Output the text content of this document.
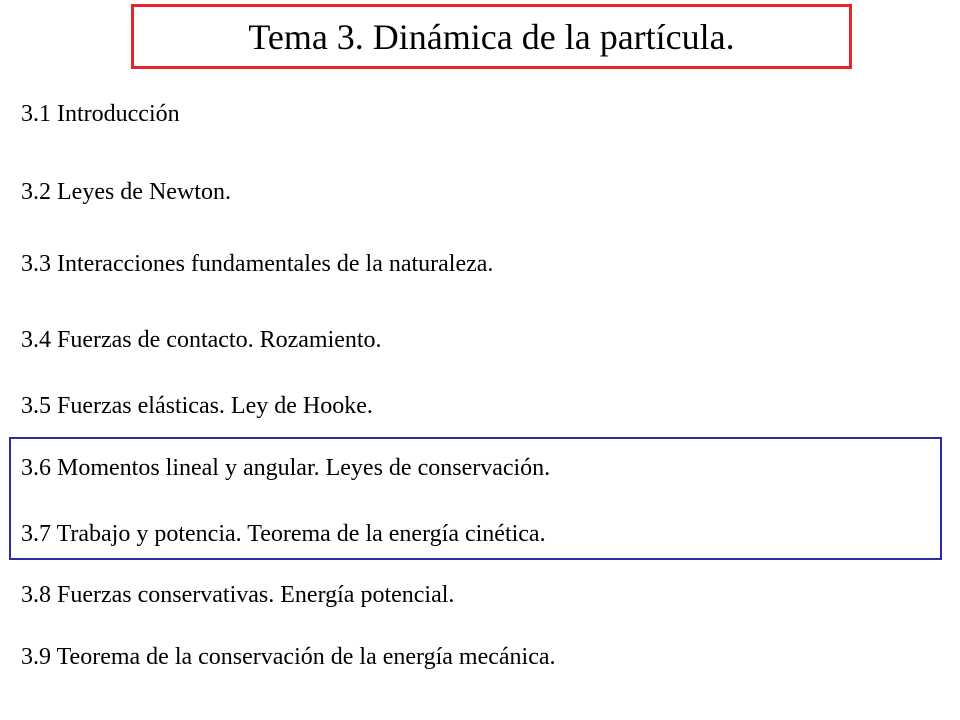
Tema 3. Dinámica de la partícula.
3.1 Introducción
3.2 Leyes de Newton.
3.3 Interacciones fundamentales de la naturaleza.
3.4 Fuerzas de contacto. Rozamiento.
3.5 Fuerzas elásticas. Ley de Hooke.
3.6 Momentos lineal y angular. Leyes de conservación.
3.7 Trabajo y potencia. Teorema de la energía cinética.
3.8 Fuerzas conservativas. Energía potencial.
3.9 Teorema de la conservación de la energía mecánica.
